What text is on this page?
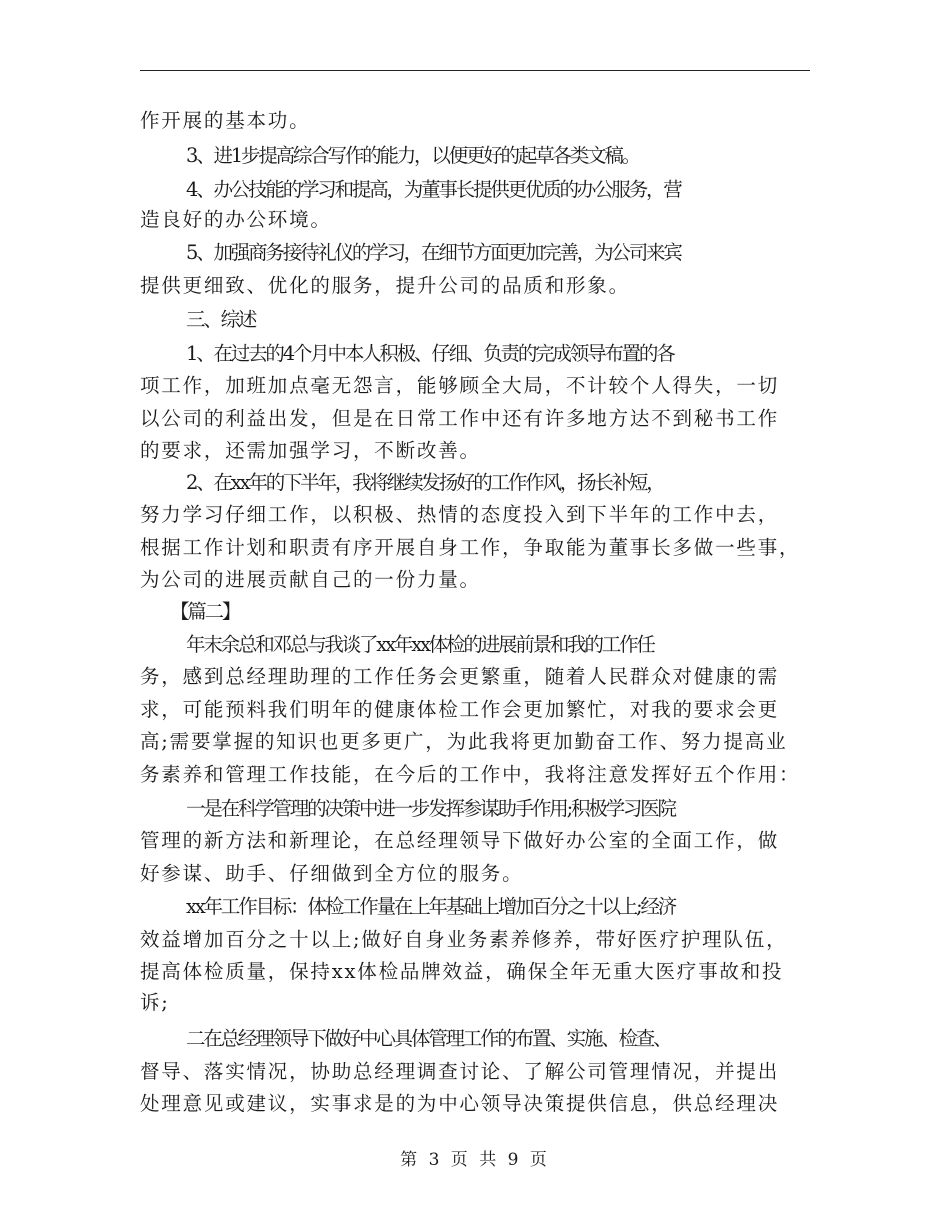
作开展的基本功。
3、进1步提高综合写作的能力，以便更好的起草各类文稿。
4、办公技能的学习和提高，为董事长提供更优质的办公服务，营
造良好的办公环境。
5、加强商务接待礼仪的学习，在细节方面更加完善，为公司来宾
提供更细致、优化的服务，提升公司的品质和形象。
三、综述
1、在过去的4个月中本人积极、仔细、负责的完成领导布置的各
项工作，加班加点毫无怨言，能够顾全大局，不计较个人得失，一切
以公司的利益出发，但是在日常工作中还有许多地方达不到秘书工作
的要求，还需加强学习，不断改善。
2、在xx年的下半年，我将继续发扬好的工作作风，扬长补短，
努力学习仔细工作，以积极、热情的态度投入到下半年的工作中去，
根据工作计划和职责有序开展自身工作，争取能为董事长多做一些事，
为公司的进展贡献自己的一份力量。
【篇二】
年末余总和邓总与我谈了xx年xx体检的进展前景和我的工作任
务，感到总经理助理的工作任务会更繁重，随着人民群众对健康的需
求，可能预料我们明年的健康体检工作会更加繁忙，对我的要求会更
高;需要掌握的知识也更多更广，为此我将更加勤奋工作、努力提高业
务素养和管理工作技能，在今后的工作中，我将注意发挥好五个作用：
一是在科学管理的决策中进一步发挥参谋助手作用;积极学习医院
管理的新方法和新理论，在总经理领导下做好办公室的全面工作，做
好参谋、助手、仔细做到全方位的服务。
xx年工作目标：体检工作量在上年基础上增加百分之十以上;经济
效益增加百分之十以上;做好自身业务素养修养，带好医疗护理队伍，
提高体检质量，保持xx体检品牌效益，确保全年无重大医疗事故和投
诉;
二在总经理领导下做好中心具体管理工作的布置、实施、检查、
督导、落实情况，协助总经理调查讨论、了解公司管理情况，并提出
处理意见或建议，实事求是的为中心领导决策提供信息，供总经理决
第 3 页 共 9 页
